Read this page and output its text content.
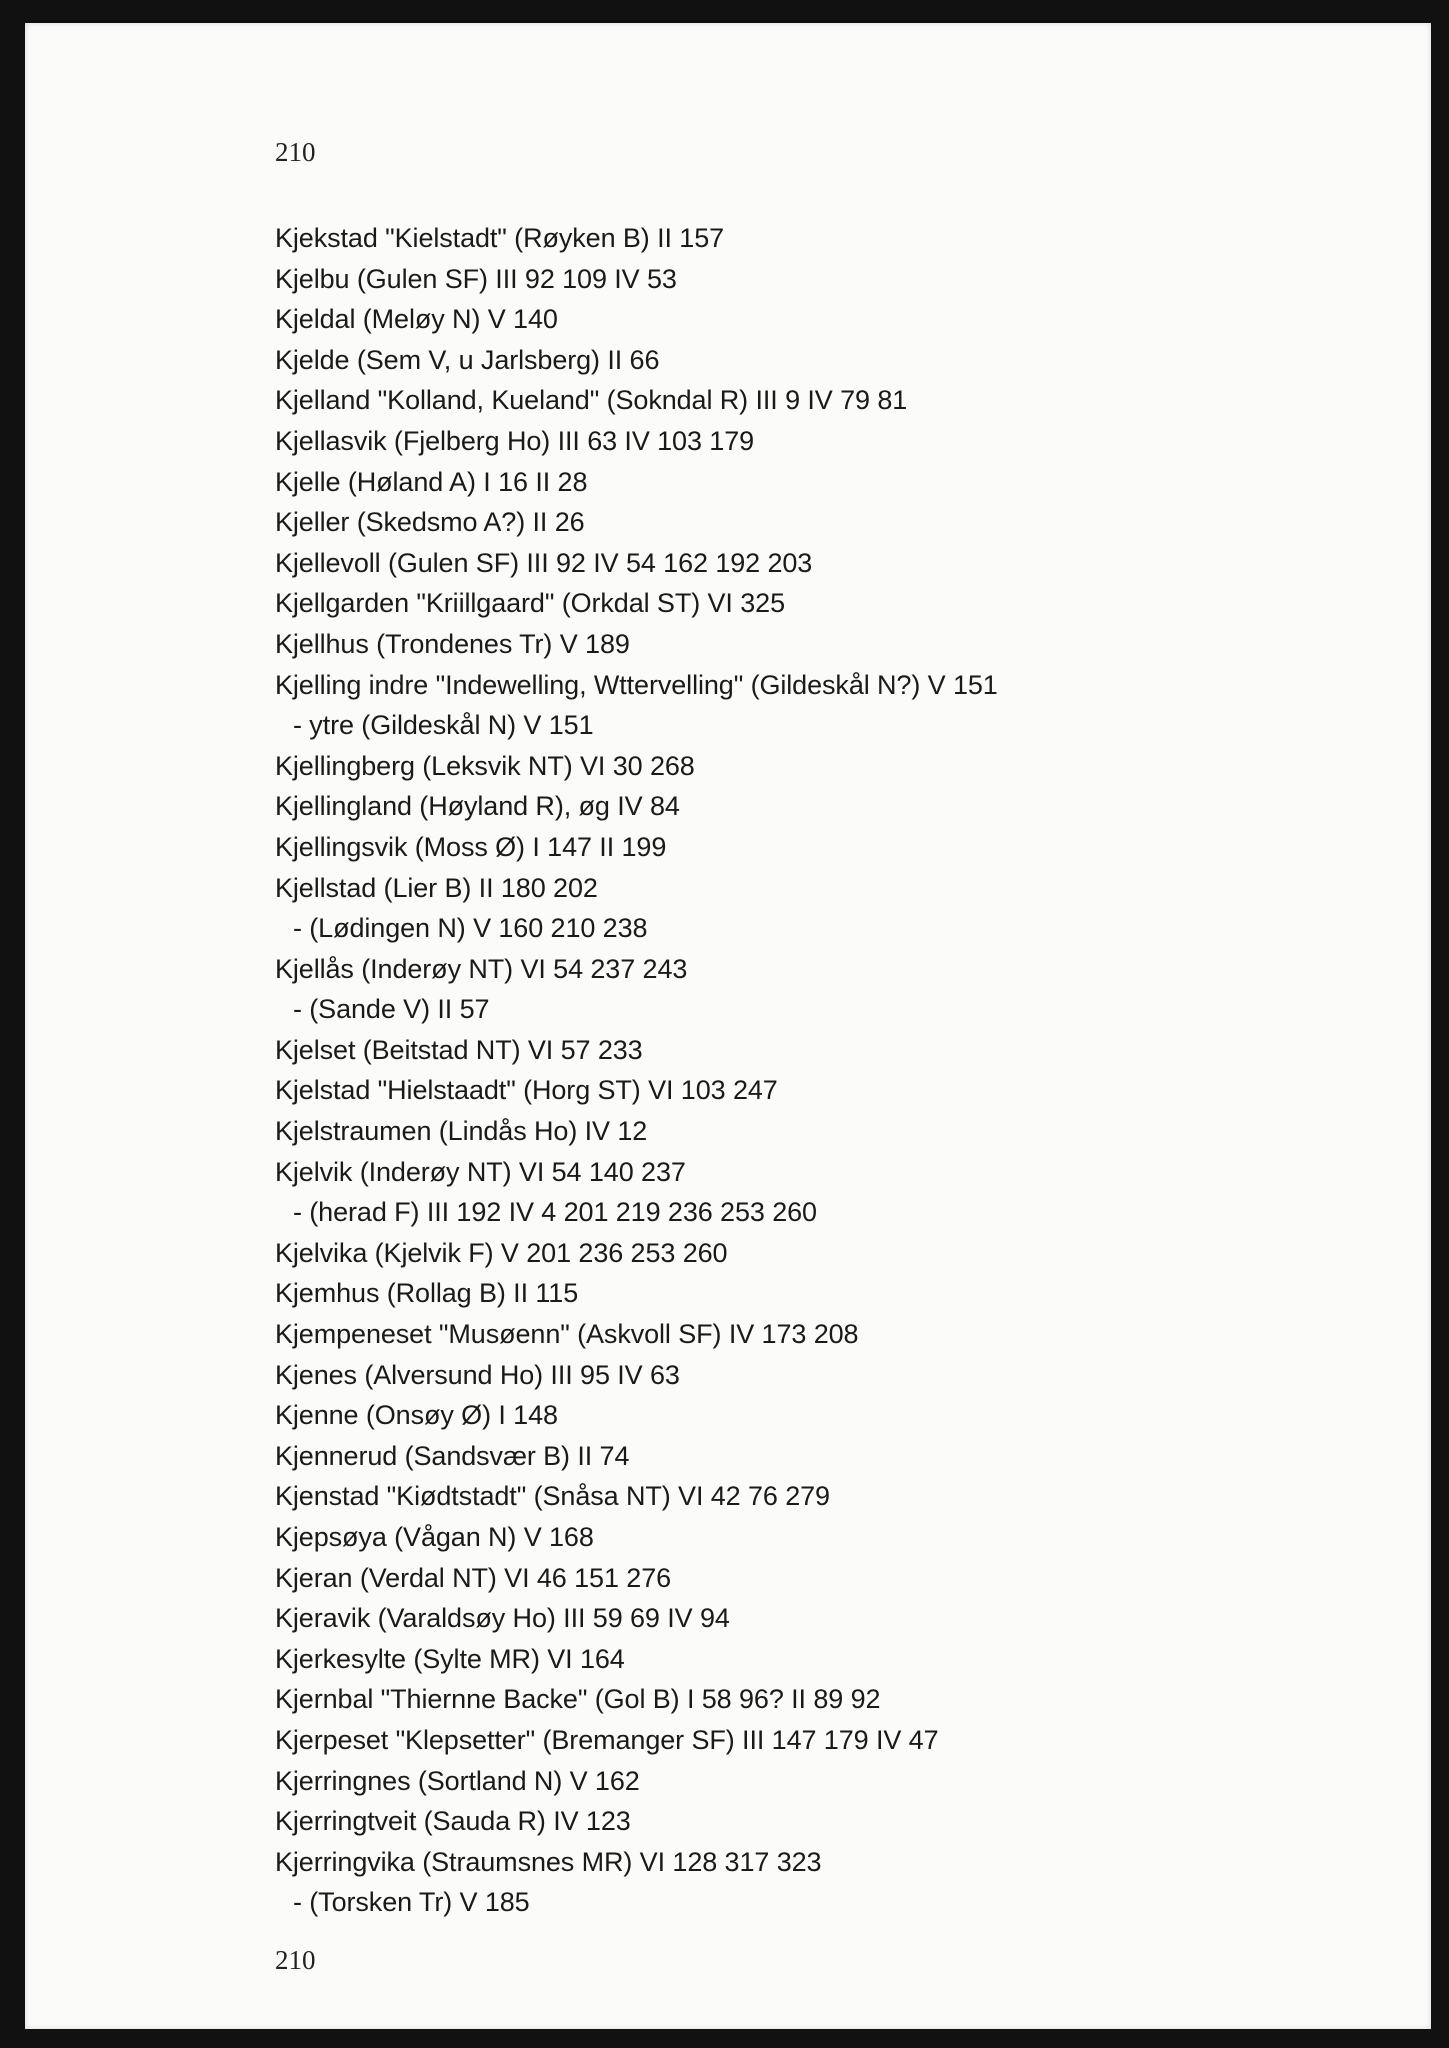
210
Kjekstad "Kielstadt" (Røyken B) II 157
Kjelbu (Gulen SF) III 92 109 IV 53
Kjeldal (Meløy N) V 140
Kjelde (Sem V, u Jarlsberg) II 66
Kjelland "Kolland, Kueland" (Sokndal R) III 9 IV 79 81
Kjellasvik (Fjelberg Ho) III 63 IV 103 179
Kjelle (Høland A) I 16 II 28
Kjeller (Skedsmo A?) II 26
Kjellevoll (Gulen SF) III 92 IV 54 162 192 203
Kjellgarden "Kriillgaard" (Orkdal ST) VI 325
Kjellhus (Trondenes Tr) V 189
Kjelling indre "Indewelling, Wttervelling" (Gildeskål N?) V 151
- ytre (Gildeskål N) V 151
Kjellingberg (Leksvik NT) VI 30 268
Kjellingland (Høyland R), øg IV 84
Kjellingsvik (Moss Ø) I 147 II 199
Kjellstad (Lier B) II 180 202
- (Lødingen N) V 160 210 238
Kjellås (Inderøy NT) VI 54 237 243
- (Sande V) II 57
Kjelset (Beitstad NT) VI 57 233
Kjelstad "Hielstaadt" (Horg ST) VI 103 247
Kjelstraumen (Lindås Ho) IV 12
Kjelvik (Inderøy NT) VI 54 140 237
- (herad F) III 192 IV 4 201 219 236 253 260
Kjelvika (Kjelvik F) V 201 236 253 260
Kjemhus (Rollag B) II 115
Kjempeneset "Musøenn" (Askvoll SF) IV 173 208
Kjenes (Alversund Ho) III 95 IV 63
Kjenne (Onsøy Ø) I 148
Kjennerud (Sandsvær B) II 74
Kjenstad "Kiødtstadt" (Snåsa NT) VI 42 76 279
Kjepsøya (Vågan N) V 168
Kjeran (Verdal NT) VI 46 151 276
Kjeravik (Varaldsøy Ho) III 59 69 IV 94
Kjerkesylte (Sylte MR) VI 164
Kjernbal "Thiernne Backe" (Gol B) I 58 96? II 89 92
Kjerpeset "Klepsetter" (Bremanger SF) III 147 179 IV 47
Kjerringnes (Sortland N) V 162
Kjerringtveit (Sauda R) IV 123
Kjerringvika (Straumsnes MR) VI 128 317 323
- (Torsken Tr) V 185
210
